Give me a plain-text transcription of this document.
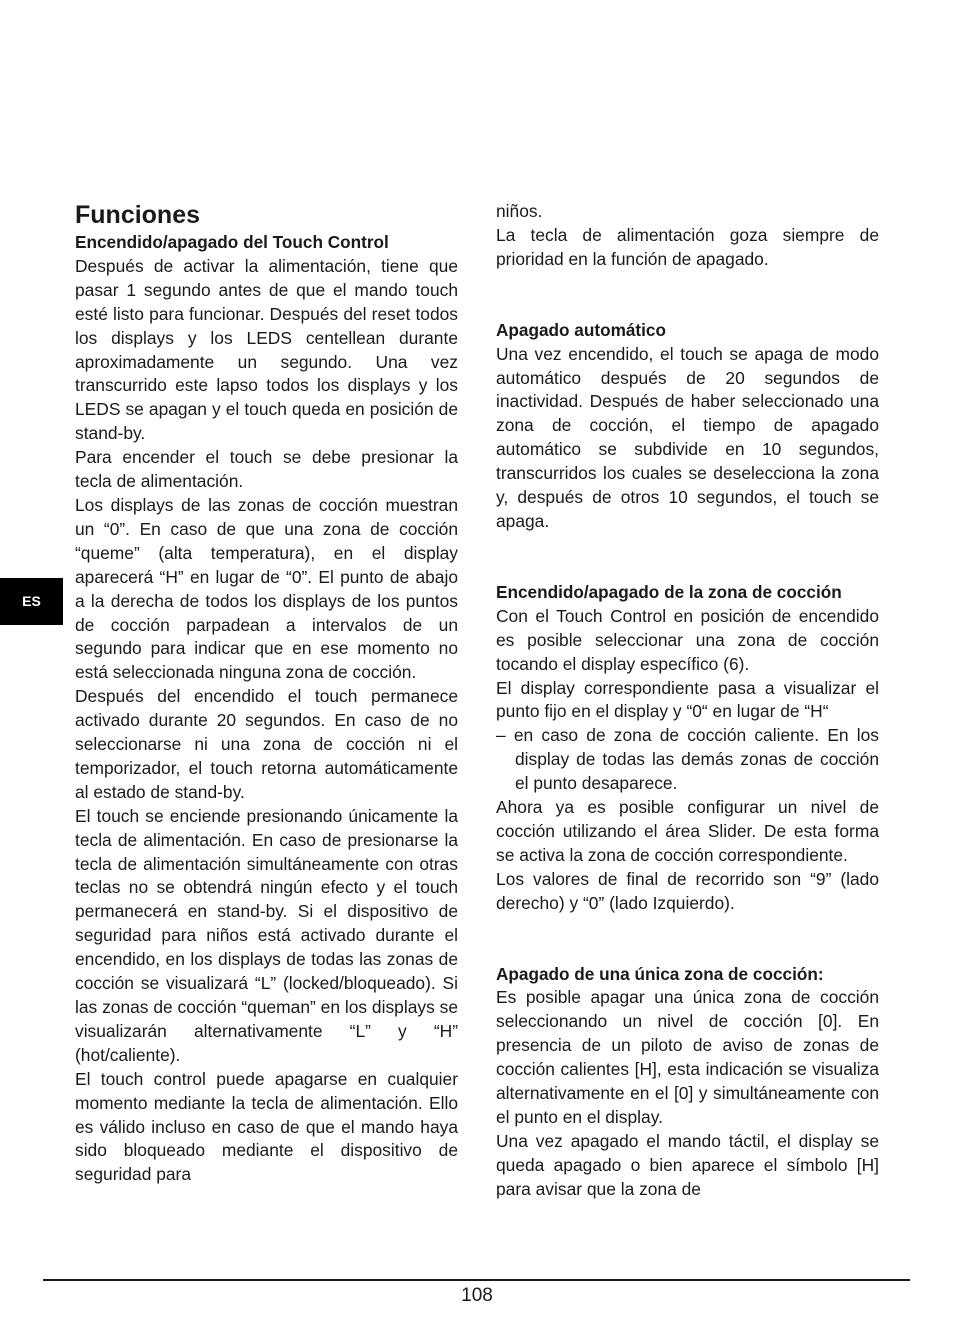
Funciones
Encendido/apagado del Touch Control

Después de activar la alimentación, tiene que pasar 1 segundo antes de que el mando touch esté listo para funcionar. Después del reset todos los displays y los LEDS centellean durante aproximadamente un segundo. Una vez transcurrido este lapso todos los displays y los LEDS se apagan y el touch queda en posición de stand-by.

Para encender el touch se debe presionar la tecla de alimentación.

Los displays de las zonas de cocción muestran un “0”. En caso de que una zona de cocción “queme” (alta temperatura), en el display aparecerá “H” en lugar de “0”. El punto de abajo a la derecha de todos los displays de los puntos de cocción parpadean a intervalos de un segundo para indicar que en ese momento no está seleccionada ninguna zona de cocción.

Después del encendido el touch permanece activado durante 20 segundos. En caso de no seleccionarse ni una zona de cocción ni el temporizador, el touch retorna automáticamente al estado de stand-by.

El touch se enciende presionando únicamente la tecla de alimentación. En caso de presionarse la tecla de alimentación simultáneamente con otras teclas no se obtendrá ningún efecto y el touch permanecerá en stand-by. Si el dispositivo de seguridad para niños está activado durante el encendido, en los displays de todas las zonas de cocción se visualizará “L” (locked/bloqueado). Si las zonas de cocción “queman” en los displays se visualizarán alternativamente “L” y “H” (hot/caliente).

El touch control puede apagarse en cualquier momento mediante la tecla de alimentación. Ello es válido incluso en caso de que el mando haya sido bloqueado mediante el dispositivo de seguridad para

niños.

La tecla de alimentación goza siempre de prioridad en la función de apagado.

Apagado automático

Una vez encendido, el touch se apaga de modo automático después de 20 segundos de inactividad. Después de haber seleccionado una zona de cocción, el tiempo de apagado automático se subdivide en 10 segundos, transcurridos los cuales se deselecciona la zona y, después de otros 10 segundos, el touch se apaga.

Encendido/apagado de la zona de cocción

Con el Touch Control en posición de encendido es posible seleccionar una zona de cocción tocando el display específico (6).

El display correspondiente pasa a visualizar el punto fijo en el display y “0“ en lugar de “H“

– en caso de zona de cocción caliente. En los display de todas las demás zonas de cocción el punto desaparece.

Ahora ya es posible configurar un nivel de cocción utilizando el área Slider. De esta forma se activa la zona de cocción correspondiente.

Los valores de final de recorrido son “9” (lado derecho) y “0” (lado Izquierdo).

Apagado de una única zona de cocción:

Es posible apagar una única zona de cocción seleccionando un nivel de cocción [0]. En presencia de un piloto de aviso de zonas de cocción calientes [H], esta indicación se visualiza alternativamente en el [0] y simultáneamente con el punto en el display.

Una vez apagado el mando táctil, el display se queda apagado o bien aparece el símbolo [H] para avisar que la zona de

ES
108
